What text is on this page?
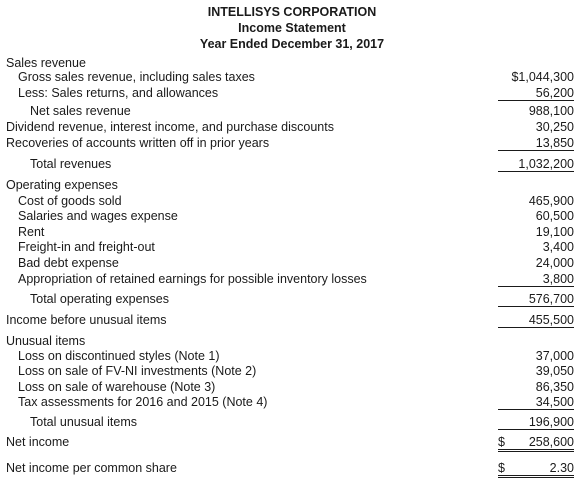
INTELLISYS CORPORATION
Income Statement
Year Ended December 31, 2017
Sales revenue
Gross sales revenue, including sales taxes	$1,044,300
Less: Sales returns, and allowances	56,200
Net sales revenue	988,100
Dividend revenue, interest income, and purchase discounts	30,250
Recoveries of accounts written off in prior years	13,850
Total revenues	1,032,200
Operating expenses
Cost of goods sold	465,900
Salaries and wages expense	60,500
Rent	19,100
Freight-in and freight-out	3,400
Bad debt expense	24,000
Appropriation of retained earnings for possible inventory losses	3,800
Total operating expenses	576,700
Income before unusual items	455,500
Unusual items
Loss on discontinued styles (Note 1)	37,000
Loss on sale of FV-NI investments (Note 2)	39,050
Loss on sale of warehouse (Note 3)	86,350
Tax assessments for 2016 and 2015 (Note 4)	34,500
Total unusual items	196,900
Net income	$ 258,600
Net income per common share	$	2.30
